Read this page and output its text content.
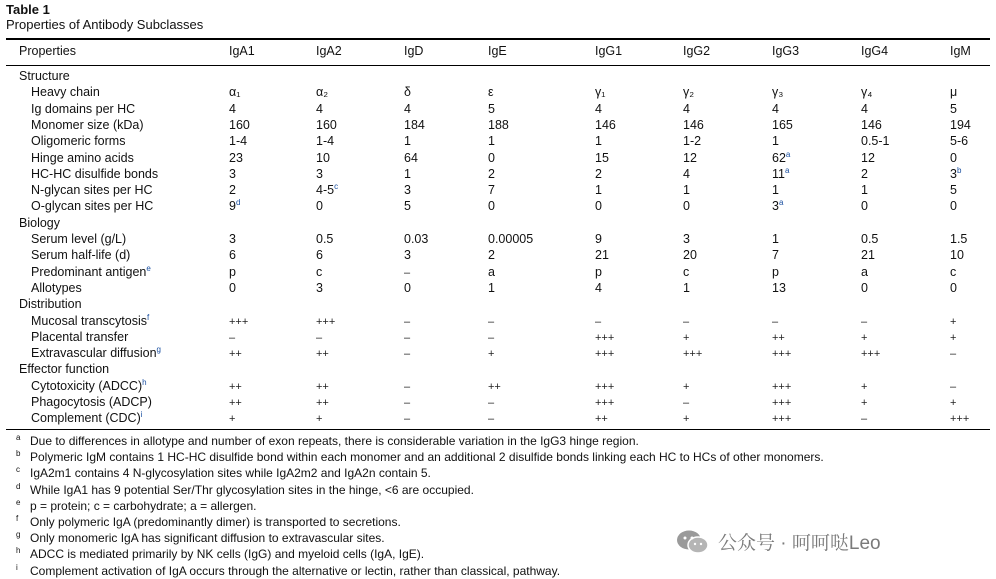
Table 1
Properties of Antibody Subclasses
Properties	IgA1	IgA2	IgD	IgE	IgG1	IgG2	IgG3	IgG4	IgM
Structure
Heavy chain	α₁	α₂	δ	ε	γ₁	γ₂	γ₃	γ₄	μ
Ig domains per HC	4	4	4	5	4	4	4	4	5
Monomer size (kDa)	160	160	184	188	146	146	165	146	194
Oligomeric forms	1-4	1-4	1	1	1	1-2	1	0.5-1	5-6
Hinge amino acids	23	10	64	0	15	12	62$^a$	12	0
HC-HC disulfide bonds	3	3	1	2	2	4	11$^a$	2	3$^b$
N-glycan sites per HC	2	4-5$^c$	3	7	1	1	1	1	5
O-glycan sites per HC	9$^d$	0	5	0	0	0	3$^a$	0	0
Biology
Serum level (g/L)	3	0.5	0.03	0.00005	9	3	1	0.5	1.5
Serum half-life (d)	6	6	3	2	21	20	7	21	10
Predominant antigen$^e$	p	c	–	a	p	c	p	a	c
Allotypes	0	3	0	1	4	1	13	0	0
Distribution
Mucosal transcytosis$^f$	+++	+++	–	–	–	–	–	–	+
Placental transfer	–	–	–	–	+++	+	++	+	+
Extravascular diffusion$^g$	++	++	–	+	+++	+++	+++	+++	–
Effector function
Cytotoxicity (ADCC)$^h$	++	++	–	++	+++	+	+++	+	–
Phagocytosis (ADCP)	++	++	–	–	+++	–	+++	+	+
Complement (CDC)$^i$	+	+	–	–	++	+	+++	–	+++
a Due to differences in allotype and number of exon repeats, there is considerable variation in the IgG3 hinge region.
b Polymeric IgM contains 1 HC-HC disulfide bond within each monomer and an additional 2 disulfide bonds linking each HC to HCs of other monomers.
c IgA2m1 contains 4 N-glycosylation sites while IgA2m2 and IgA2n contain 5.
d While IgA1 has 9 potential Ser/Thr glycosylation sites in the hinge, <6 are occupied.
e p = protein; c = carbohydrate; a = allergen.
f Only polymeric IgA (predominantly dimer) is transported to secretions.
g Only monomeric IgA has significant diffusion to extravascular sites.
h ADCC is mediated primarily by NK cells (IgG) and myeloid cells (IgA, IgE).
i Complement activation of IgA occurs through the alternative or lectin, rather than classical, pathway.
公众号 · 呵呵哒Leo
